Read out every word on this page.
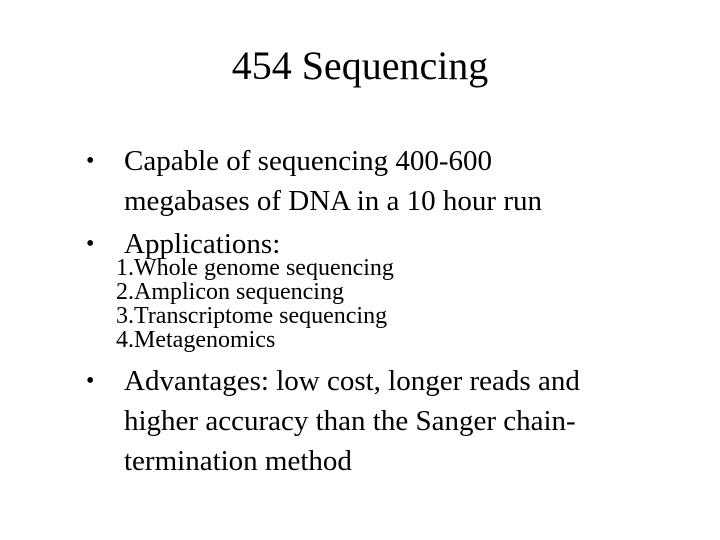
454 Sequencing
• Capable of sequencing 400-600
megabases of DNA in a 10 hour run
• Applications:
1.Whole genome sequencing
2.Amplicon sequencing
3.Transcriptome sequencing
4.Metagenomics
• Advantages: low cost, longer reads and
higher accuracy than the Sanger chain-
termination method
